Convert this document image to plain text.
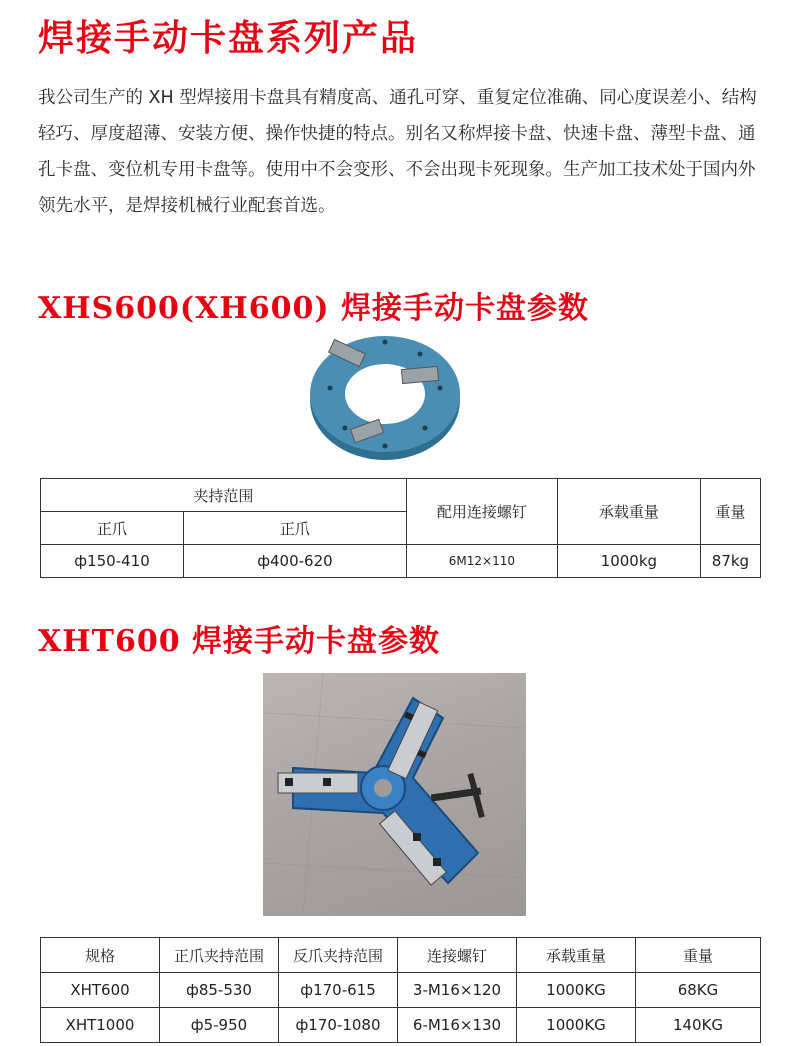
焊接手动卡盘系列产品

我公司生产的 XH 型焊接用卡盘具有精度高、通孔可穿、重复定位准确、同心度误差小、结构轻巧、厚度超薄、安装方便、操作快捷的特点。别名又称焊接卡盘、快速卡盘、薄型卡盘、通孔卡盘、变位机专用卡盘等。使用中不会变形、不会出现卡死现象。生产加工技术处于国内外领先水平，是焊接机械行业配套首选。

XHS600(XH600) 焊接手动卡盘参数
夹持范围		配用连接螺钉	承载重量	重量
正爪	正爪			
ф150-410	ф400-620	6M12×110	1000kg	87kg
XHT600 焊接手动卡盘参数
规格	正爪夹持范围	反爪夹持范围	连接螺钉	承载重量	重量
XHT600	ф85-530	ф170-615	3-M16×120	1000KG	68KG
XHT1000	ф5-950	ф170-1080	6-M16×130	1000KG	140KG
